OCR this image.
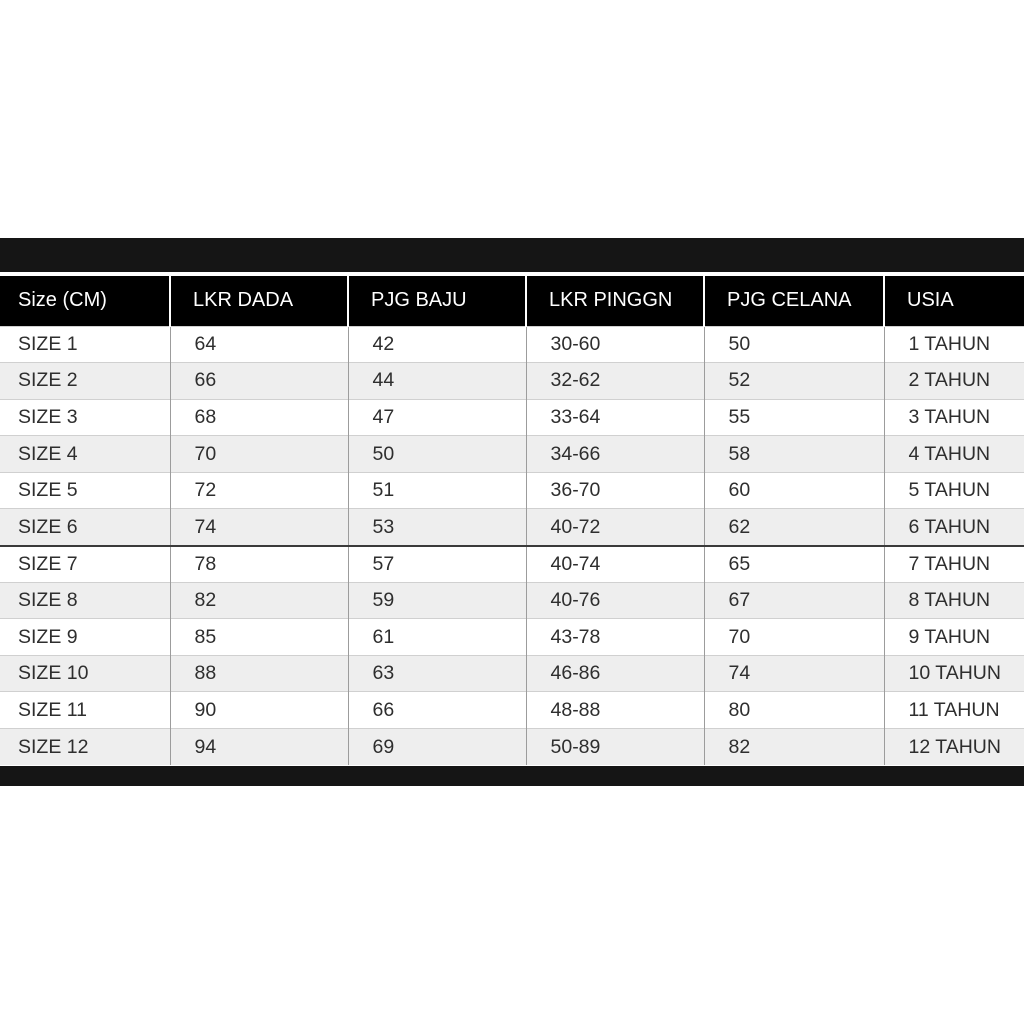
Size (CM)	LKR DADA	PJG BAJU	LKR PINGGN	PJG CELANA	USIA
SIZE 1	64	42	30-60	50	1 TAHUN
SIZE 2	66	44	32-62	52	2 TAHUN
SIZE 3	68	47	33-64	55	3 TAHUN
SIZE 4	70	50	34-66	58	4 TAHUN
SIZE 5	72	51	36-70	60	5 TAHUN
SIZE 6	74	53	40-72	62	6 TAHUN
SIZE 7	78	57	40-74	65	7 TAHUN
SIZE 8	82	59	40-76	67	8 TAHUN
SIZE 9	85	61	43-78	70	9 TAHUN
SIZE 10	88	63	46-86	74	10 TAHUN
SIZE 11	90	66	48-88	80	11 TAHUN
SIZE 12	94	69	50-89	82	12 TAHUN
